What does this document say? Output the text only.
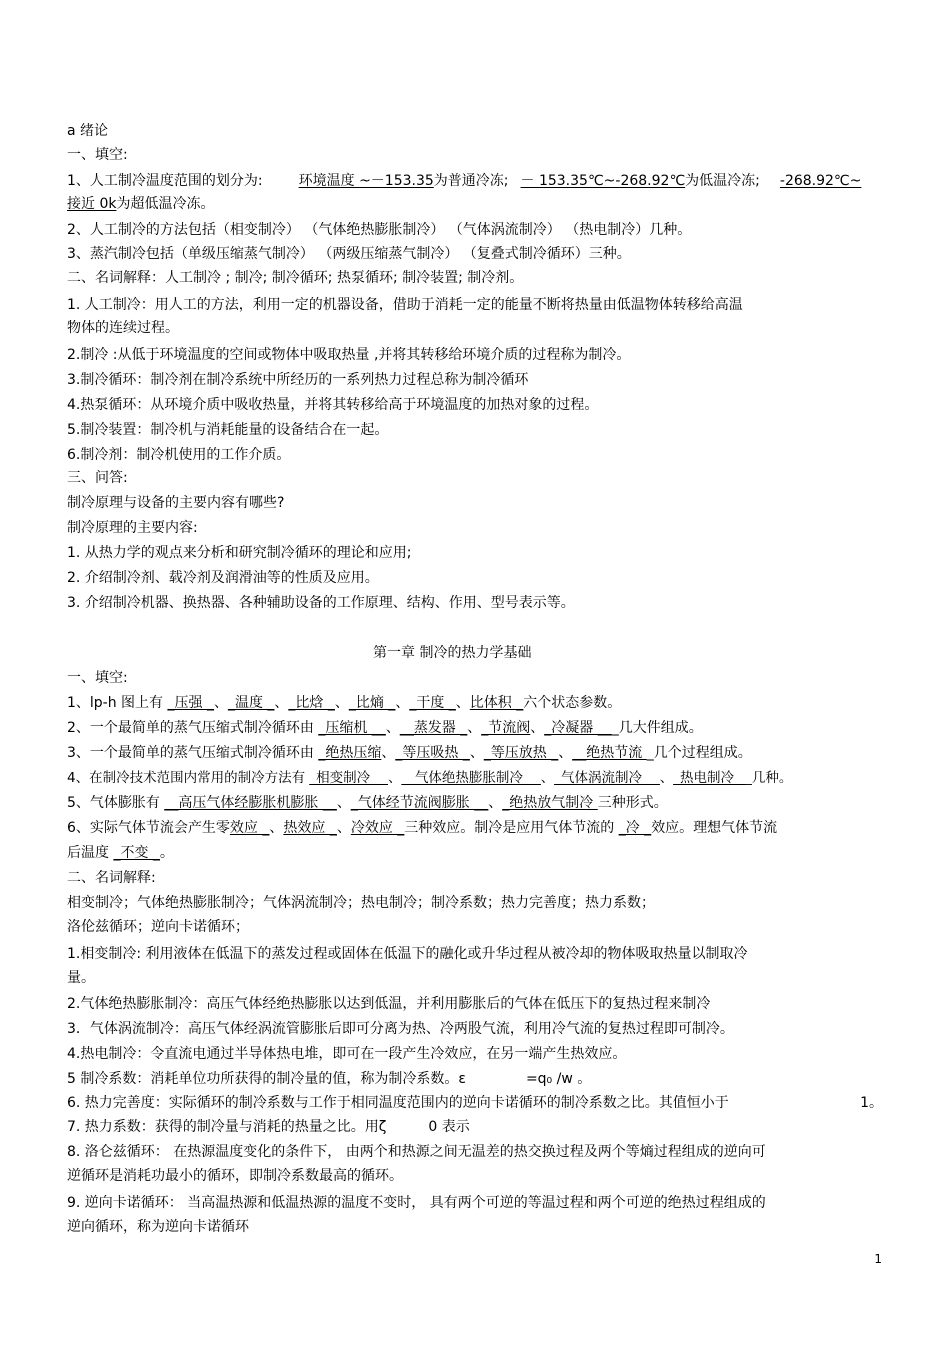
a 绪论
一、填空:
1、人工制冷温度范围的划分为:	环境温度 ~－153.35为普通冷冻; － 153.35℃~-268.92℃为低温冷冻; -268.92℃~
接近 0k为超低温冷冻。
2、人工制冷的方法包括（相变制冷） （气体绝热膨胀制冷） （气体涡流制冷） （热电制冷）几种。
3、蒸汽制冷包括（单级压缩蒸气制冷） （两级压缩蒸气制冷） （复叠式制冷循环）三种。
二、名词解释：人工制冷 ; 制冷; 制冷循环; 热泵循环; 制冷装置; 制冷剂。
1. 人工制冷：用人工的方法，利用一定的机器设备，借助于消耗一定的能量不断将热量由低温物体转移给高温
物体的连续过程。
2.制冷 :从低于环境温度的空间或物体中吸取热量 ,并将其转移给环境介质的过程称为制冷。
3.制冷循环：制冷剂在制冷系统中所经历的一系列热力过程总称为制冷循环
4.热泵循环：从环境介质中吸收热量，并将其转移给高于环境温度的加热对象的过程。
5.制冷装置：制冷机与消耗能量的设备结合在一起。
6.制冷剂：制冷机使用的工作介质。
三、问答:
制冷原理与设备的主要内容有哪些?
制冷原理的主要内容:
1. 从热力学的观点来分析和研究制冷循环的理论和应用;
2. 介绍制冷剂、载冷剂及润滑油等的性质及应用。
3. 介绍制冷机器、换热器、各种辅助设备的工作原理、结构、作用、型号表示等。
第一章 制冷的热力学基础
一、填空:
1、lp-h 图上有 _压强 _、_温度 _、_比焓 _、_比熵 _、_干度 _、比体积 _六个状态参数。
2、一个最简单的蒸气压缩式制冷循环由 _压缩机 __、__蒸发器 _、_节流阀、_冷凝器 ___几大件组成。
3、一个最简单的蒸气压缩式制冷循环由 _绝热压缩、_等压吸热 _、_等压放热 _、__绝热节流 _几个过程组成。
4、在制冷技术范围内常用的制冷方法有 _相变制冷 __、__气体绝热膨胀制冷 __、_气体涡流制冷 __、_热电制冷 __几种。
5、气体膨胀有 __高压气体经膨胀机膨胀 __、_气体经节流阀膨胀 __、_绝热放气制冷 三种形式。
6、实际气体节流会产生零效应 _、热效应 _、冷效应 _三种效应。制冷是应用气体节流的 _冷 _效应。理想气体节流
后温度 _不变 _。
二、名词解释:
相变制冷；气体绝热膨胀制冷；气体涡流制冷；热电制冷；制冷系数；热力完善度；热力系数；
洛伦兹循环；逆向卡诺循环；
1.相变制冷: 利用液体在低温下的蒸发过程或固体在低温下的融化或升华过程从被冷却的物体吸取热量以制取冷
量。
2.气体绝热膨胀制冷：高压气体经绝热膨胀以达到低温，并利用膨胀后的气体在低压下的复热过程来制冷
3．气体涡流制冷：高压气体经涡流管膨胀后即可分离为热、冷两股气流，利用冷气流的复热过程即可制冷。
4.热电制冷：令直流电通过半导体热电堆，即可在一段产生冷效应，在另一端产生热效应。
5 制冷系数：消耗单位功所获得的制冷量的值，称为制冷系数。ε	=q₀ /w 。
6. 热力完善度：实际循环的制冷系数与工作于相同温度范围内的逆向卡诺循环的制冷系数之比。其值恒小于	1。
7. 热力系数：获得的制冷量与消耗的热量之比。用ζ	0 表示
8. 洛仑兹循环： 在热源温度变化的条件下， 由两个和热源之间无温差的热交换过程及两个等熵过程组成的逆向可
逆循环是消耗功最小的循环，即制冷系数最高的循环。
9. 逆向卡诺循环： 当高温热源和低温热源的温度不变时， 具有两个可逆的等温过程和两个可逆的绝热过程组成的
逆向循环，称为逆向卡诺循环
1
